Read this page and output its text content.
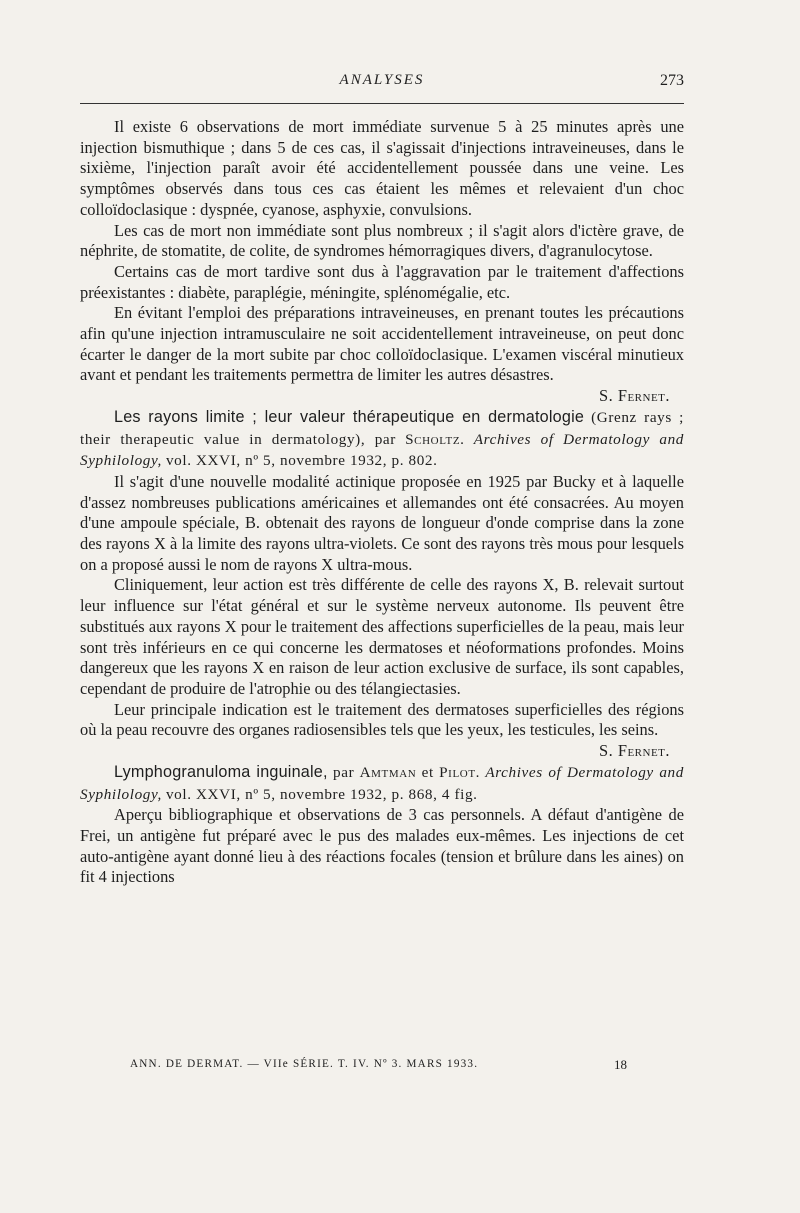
ANALYSES	273

Il existe 6 observations de mort immédiate survenue 5 à 25 minutes après une injection bismuthique ; dans 5 de ces cas, il s'agissait d'injections intraveineuses, dans le sixième, l'injection paraît avoir été accidentellement poussée dans une veine. Les symptômes observés dans tous ces cas étaient les mêmes et relevaient d'un choc colloïdoclasique : dyspnée, cyanose, asphyxie, convulsions.

Les cas de mort non immédiate sont plus nombreux ; il s'agit alors d'ictère grave, de néphrite, de stomatite, de colite, de syndromes hémorragiques divers, d'agranulocytose.

Certains cas de mort tardive sont dus à l'aggravation par le traitement d'affections préexistantes : diabète, paraplégie, méningite, splénomégalie, etc.

En évitant l'emploi des préparations intraveineuses, en prenant toutes les précautions afin qu'une injection intramusculaire ne soit accidentellement intraveineuse, on peut donc écarter le danger de la mort subite par choc colloïdoclasique. L'examen viscéral minutieux avant et pendant les traitements permettra de limiter les autres désastres.

S. Fernet.

Les rayons limite ; leur valeur thérapeutique en dermatologie (Grenz rays ; their therapeutic value in dermatology), par Scholtz. Archives of Dermatology and Syphilology, vol. XXVI, nº 5, novembre 1932, p. 802.

Il s'agit d'une nouvelle modalité actinique proposée en 1925 par Bucky et à laquelle d'assez nombreuses publications américaines et allemandes ont été consacrées. Au moyen d'une ampoule spéciale, B. obtenait des rayons de longueur d'onde comprise dans la zone des rayons X à la limite des rayons ultra-violets. Ce sont des rayons très mous pour lesquels on a proposé aussi le nom de rayons X ultra-mous.

Cliniquement, leur action est très différente de celle des rayons X, B. relevait surtout leur influence sur l'état général et sur le système nerveux autonome. Ils peuvent être substitués aux rayons X pour le traitement des affections superficielles de la peau, mais leur sont très inférieurs en ce qui concerne les dermatoses et néoformations profondes. Moins dangereux que les rayons X en raison de leur action exclusive de surface, ils sont capables, cependant de produire de l'atrophie ou des télangiectasies.

Leur principale indication est le traitement des dermatoses superficielles des régions où la peau recouvre des organes radiosensibles tels que les yeux, les testicules, les seins.

S. Fernet.

Lymphogranuloma inguinale, par Amtman et Pilot. Archives of Dermatology and Syphilology, vol. XXVI, nº 5, novembre 1932, p. 868, 4 fig.

Aperçu bibliographique et observations de 3 cas personnels. A défaut d'antigène de Frei, un antigène fut préparé avec le pus des malades eux-mêmes. Les injections de cet auto-antigène ayant donné lieu à des réactions focales (tension et brûlure dans les aines) on fit 4 injections

ANN. DE DERMAT. — VIIe SÉRIE. T. IV. Nº 3. MARS 1933.	18
